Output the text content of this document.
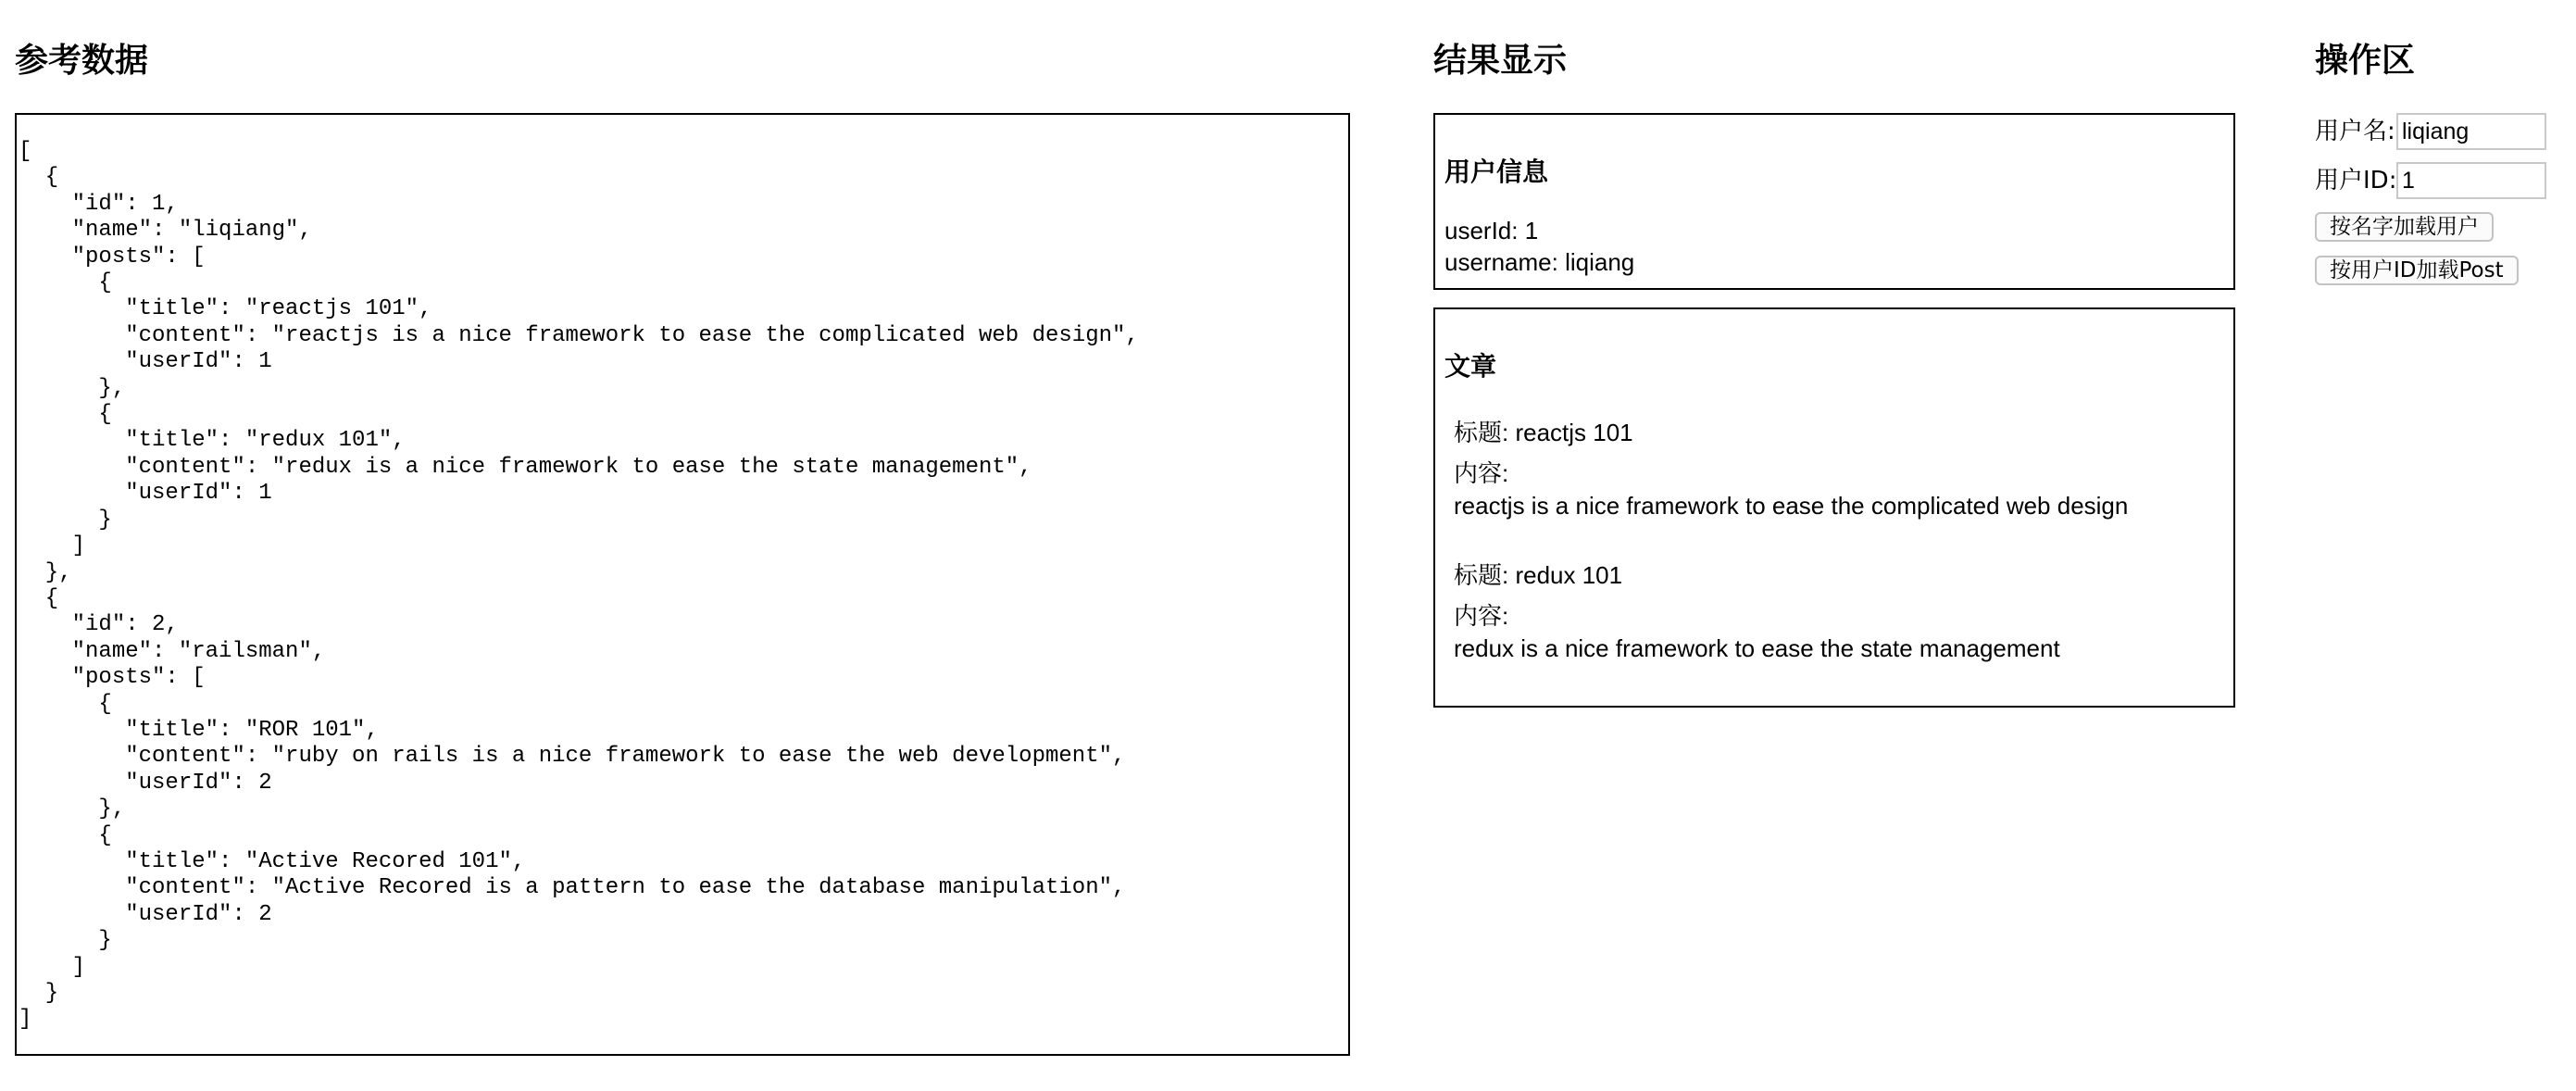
参考数据
[
{
"id": 1,
"name": "liqiang",
"posts": [
{
"title": "reactjs 101",
"content": "reactjs is a nice framework to ease the complicated web design",
"userId": 1
},
{
"title": "redux 101",
"content": "redux is a nice framework to ease the state management",
"userId": 1
}
]
},
{
"id": 2,
"name": "railsman",
"posts": [
{
"title": "ROR 101",
"content": "ruby on rails is a nice framework to ease the web development",
"userId": 2
},
{
"title": "Active Recored 101",
"content": "Active Recored is a pattern to ease the database manipulation",
"userId": 2
}
]
}
]
结果显示
用户信息
userId: 1
username: liqiang
文章
标题: reactjs 101
内容:
reactjs is a nice framework to ease the complicated web design
标题: redux 101
内容:
redux is a nice framework to ease the state management
操作区
用户名:
liqiang
用户ID:
1
按名字加载用户
按用户ID加载Post
